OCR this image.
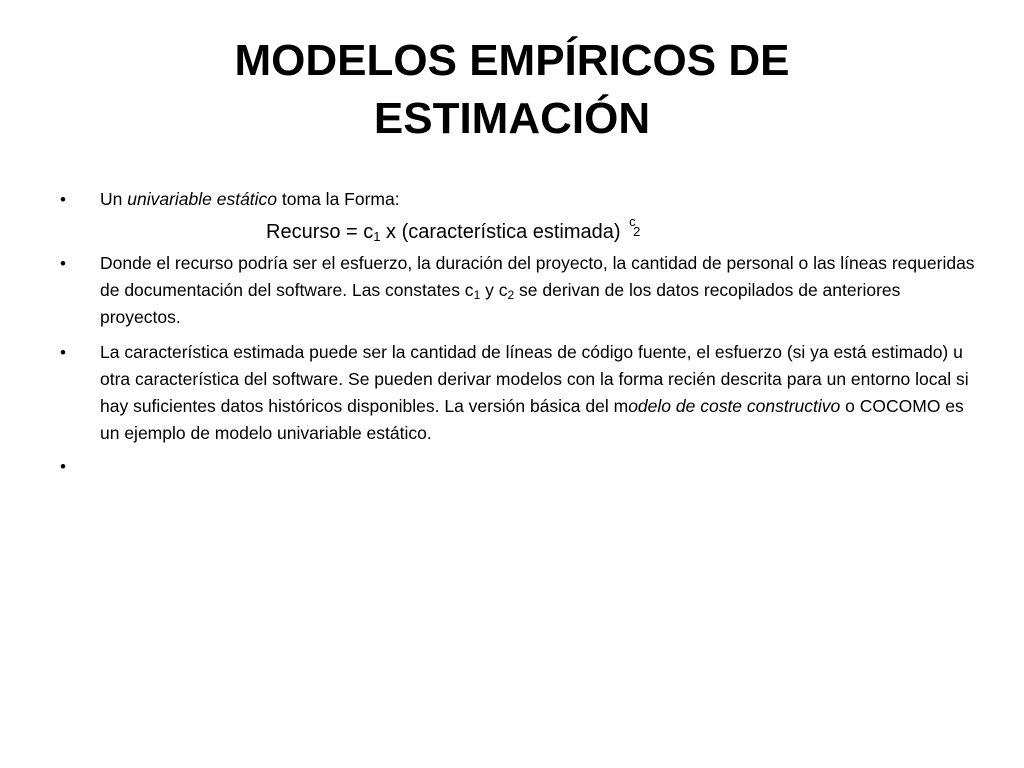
MODELOS EMPÍRICOS DE
ESTIMACIÓN
• Un univariable estático toma la Forma:
Recurso = $c_1$ x (característica estimada) c
2
• Donde el recurso podría ser el esfuerzo, la duración del proyecto, la cantidad de personal o las líneas requeridas de documentación del software. Las constates $c_1$ y $c_2$ se derivan de los datos recopilados de anteriores proyectos.
• La característica estimada puede ser la cantidad de líneas de código fuente, el esfuerzo (si ya está estimado) u otra característica del software. Se pueden derivar modelos con la forma recién descrita para un entorno local si hay suficientes datos históricos disponibles. La versión básica del modelo de coste constructivo o COCOMO es un ejemplo de modelo univariable estático.
•
